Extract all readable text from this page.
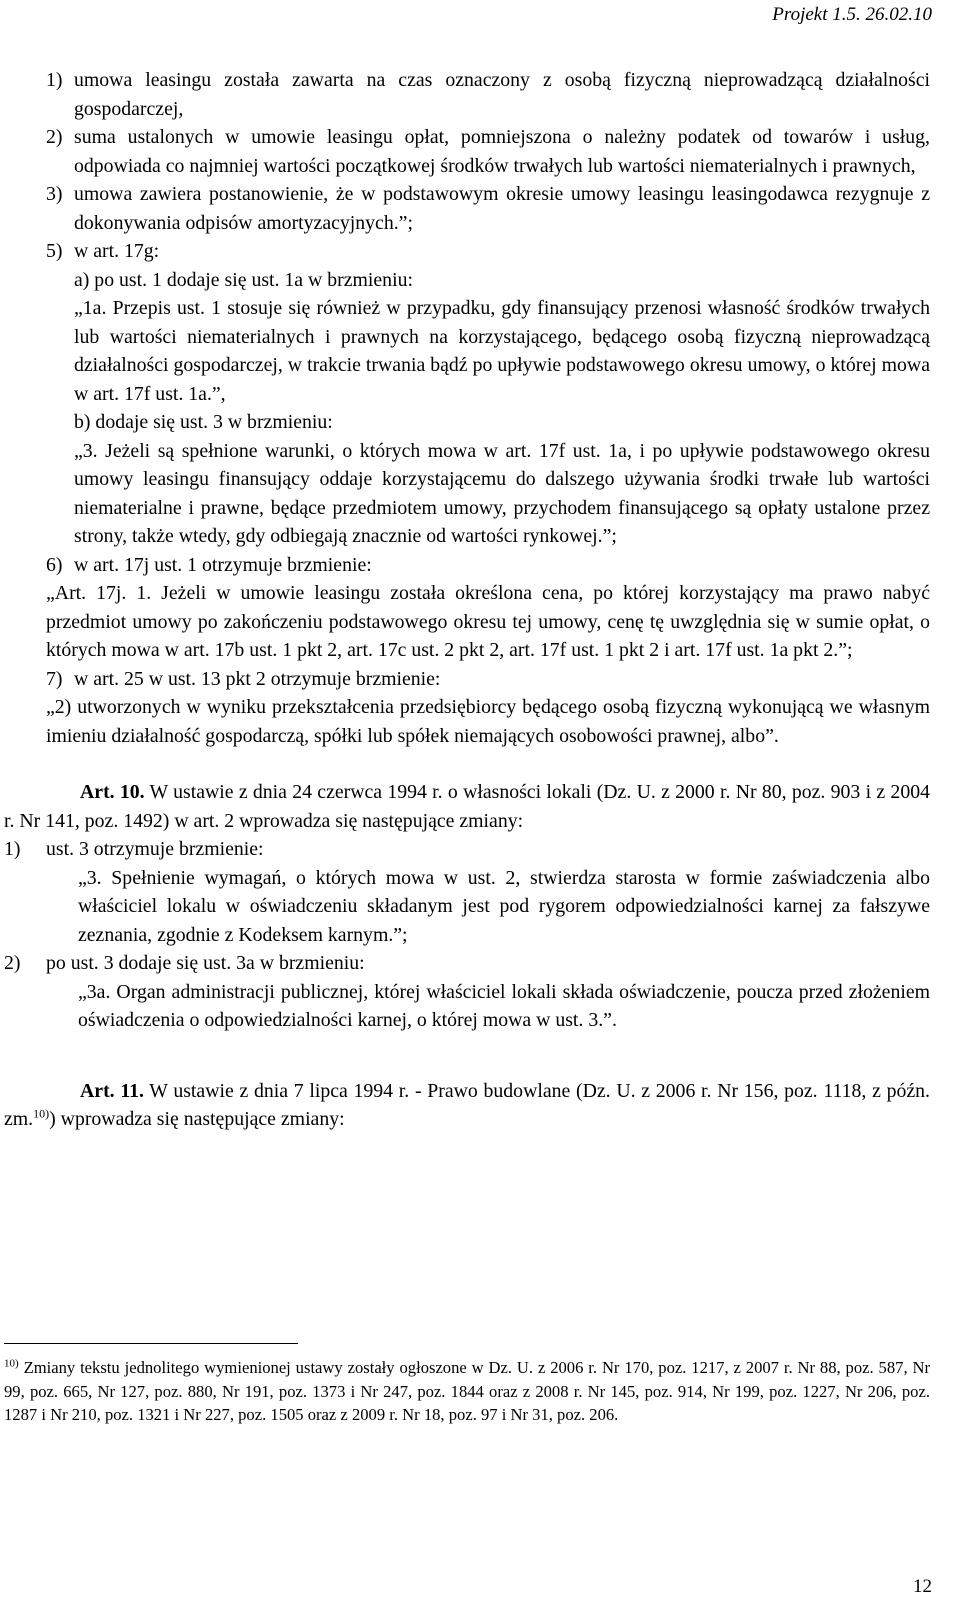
Projekt 1.5. 26.02.10
1) umowa leasingu została zawarta na czas oznaczony z osobą fizyczną nieprowadzącą działalności gospodarczej,
2) suma ustalonych w umowie leasingu opłat, pomniejszona o należny podatek od towarów i usług, odpowiada co najmniej wartości początkowej środków trwałych lub wartości niematerialnych i prawnych,
3) umowa zawiera postanowienie, że w podstawowym okresie umowy leasingu leasingodawca rezygnuje z dokonywania odpisów amortyzacyjnych.”;
5) w art. 17g:
a) po ust. 1 dodaje się ust. 1a w brzmieniu:
„1a. Przepis ust. 1 stosuje się również w przypadku, gdy finansujący przenosi własność środków trwałych lub wartości niematerialnych i prawnych na korzystającego, będącego osobą fizyczną nieprowadzącą działalności gospodarczej, w trakcie trwania bądź po upływie podstawowego okresu umowy, o której mowa w art. 17f ust. 1a.”,
b) dodaje się ust. 3 w brzmieniu:
„3. Jeżeli są spełnione warunki, o których mowa w art. 17f ust. 1a, i po upływie podstawowego okresu umowy leasingu finansujący oddaje korzystającemu do dalszego używania środki trwałe lub wartości niematerialne i prawne, będące przedmiotem umowy, przychodem finansującego są opłaty ustalone przez strony, także wtedy, gdy odbiegają znacznie od wartości rynkowej.”;
6) w art. 17j ust. 1 otrzymuje brzmienie:
„Art. 17j. 1. Jeżeli w umowie leasingu została określona cena, po której korzystający ma prawo nabyć przedmiot umowy po zakończeniu podstawowego okresu tej umowy, cenę tę uwzględnia się w sumie opłat, o których mowa w art. 17b ust. 1 pkt 2, art. 17c ust. 2 pkt 2, art. 17f ust. 1 pkt 2 i art. 17f ust. 1a pkt 2.”;
7) w art. 25 w ust. 13 pkt 2 otrzymuje brzmienie:
„2) utworzonych w wyniku przekształcenia przedsiębiorcy będącego osobą fizyczną wykonującą we własnym imieniu działalność gospodarczą, spółki lub spółek niemających osobowości prawnej, albo”.
Art. 10. W ustawie z dnia 24 czerwca 1994 r. o własności lokali (Dz. U. z 2000 r. Nr 80, poz. 903 i z 2004 r. Nr 141, poz. 1492) w art. 2 wprowadza się następujące zmiany:
1) ust. 3 otrzymuje brzmienie:
„3. Spełnienie wymagań, o których mowa w ust. 2, stwierdza starosta w formie zaświadczenia albo właściciel lokalu w oświadczeniu składanym jest pod rygorem odpowiedzialności karnej za fałszywe zeznania, zgodnie z Kodeksem karnym.”;
2) po ust. 3 dodaje się ust. 3a w brzmieniu:
„3a. Organ administracji publicznej, której właściciel lokali składa oświadczenie, poucza przed złożeniem oświadczenia o odpowiedzialności karnej, o której mowa w ust. 3.”.
Art. 11. W ustawie z dnia 7 lipca 1994 r. - Prawo budowlane (Dz. U. z 2006 r. Nr 156, poz. 1118, z późn. zm.$^{10)}$) wprowadza się następujące zmiany:
$^{10)}$ Zmiany tekstu jednolitego wymienionej ustawy zostały ogłoszone w Dz. U. z 2006 r. Nr 170, poz. 1217, z 2007 r. Nr 88, poz. 587, Nr 99, poz. 665, Nr 127, poz. 880, Nr 191, poz. 1373 i Nr 247, poz. 1844 oraz z 2008 r. Nr 145, poz. 914, Nr 199, poz. 1227, Nr 206, poz. 1287 i Nr 210, poz. 1321 i Nr 227, poz. 1505 oraz z 2009 r. Nr 18, poz. 97 i Nr 31, poz. 206.
12
